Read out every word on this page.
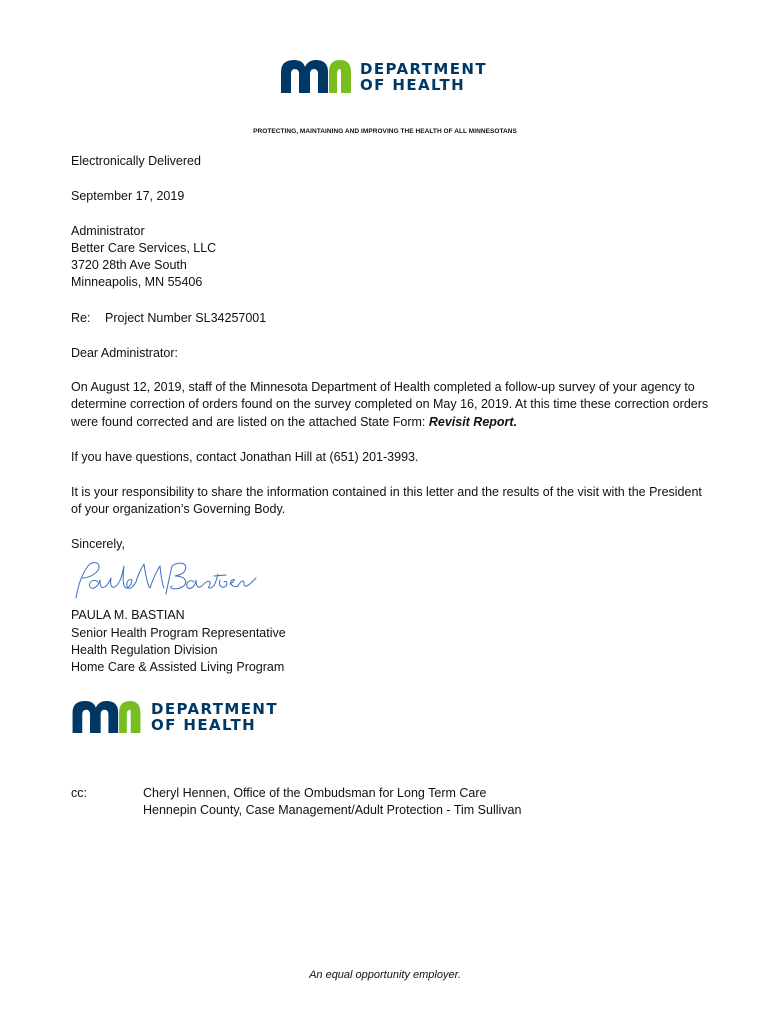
DEPARTMENT
OF HEALTH
PROTECTING, MAINTAINING AND IMPROVING THE HEALTH OF ALL MINNESOTANS
Electronically Delivered
September 17, 2019
Administrator
Better Care Services, LLC
3720 28th Ave South
Minneapolis, MN 55406
Re: Project Number SL34257001
Dear Administrator:
On August 12, 2019, staff of the Minnesota Department of Health completed a follow-up survey of your agency to determine correction of orders found on the survey completed on May 16, 2019. At this time these correction orders were found corrected and are listed on the attached State Form: Revisit Report.
If you have questions, contact Jonathan Hill at (651) 201-3993.
It is your responsibility to share the information contained in this letter and the results of the visit with the President of your organization’s Governing Body.
Sincerely,
PAULA M. BASTIAN
Senior Health Program Representative
Health Regulation Division
Home Care & Assisted Living Program
DEPARTMENT
OF HEALTH
cc:	Cheryl Hennen, Office of the Ombudsman for Long Term Care
Hennepin County, Case Management/Adult Protection - Tim Sullivan
An equal opportunity employer.
